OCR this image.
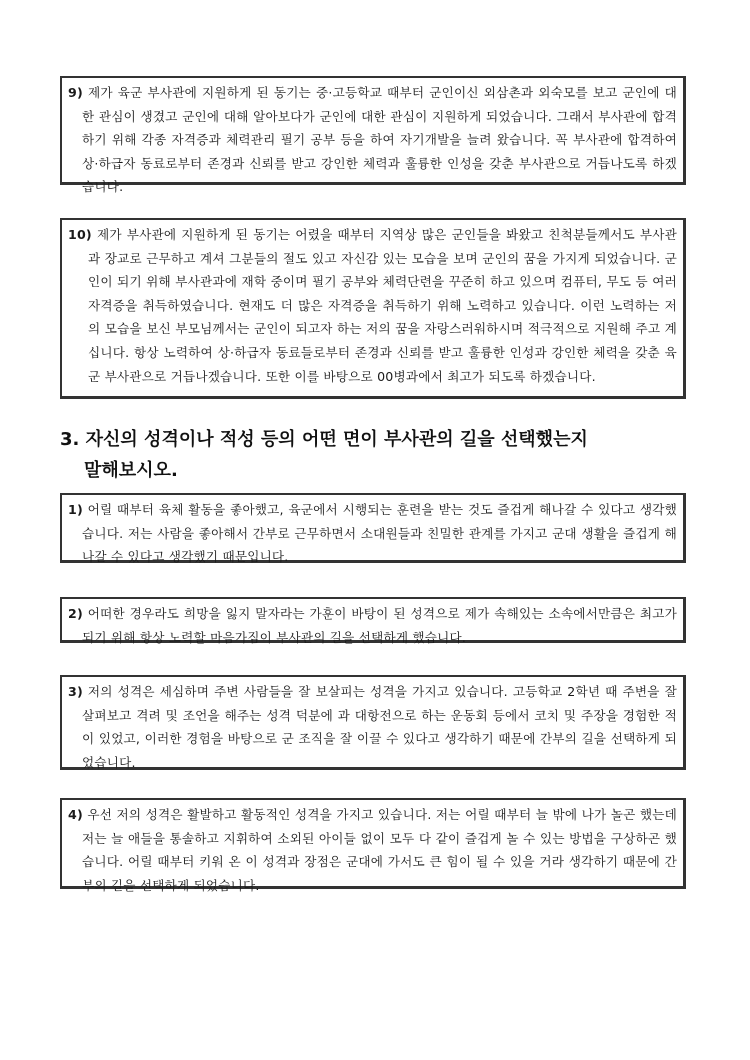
9) 제가 육군 부사관에 지원하게 된 동기는 중·고등학교 때부터 군인이신 외삼촌과 외숙모를 보고 군인에 대한 관심이 생겼고 군인에 대해 알아보다가 군인에 대한 관심이 지원하게 되었습니다. 그래서 부사관에 합격하기 위해 각종 자격증과 체력관리 필기 공부 등을 하여 자기개발을 늘려 왔습니다. 꼭 부사관에 합격하여 상·하급자 동료로부터 존경과 신뢰를 받고 강인한 체력과 훌륭한 인성을 갖춘 부사관으로 거듭나도록 하겠습니다.

10) 제가 부사관에 지원하게 된 동기는 어렸을 때부터 지역상 많은 군인들을 봐왔고 친척분들께서도 부사관과 장교로 근무하고 계셔 그분들의 절도 있고 자신감 있는 모습을 보며 군인의 꿈을 가지게 되었습니다. 군인이 되기 위해 부사관과에 재학 중이며 필기 공부와 체력단련을 꾸준히 하고 있으며 컴퓨터, 무도 등 여러 자격증을 취득하였습니다. 현재도 더 많은 자격증을 취득하기 위해 노력하고 있습니다. 이런 노력하는 저의 모습을 보신 부모님께서는 군인이 되고자 하는 저의 꿈을 자랑스러워하시며 적극적으로 지원해 주고 계십니다. 항상 노력하여 상·하급자 동료들로부터 존경과 신뢰를 받고 훌륭한 인성과 강인한 체력을 갖춘 육군 부사관으로 거듭나겠습니다. 또한 이를 바탕으로 00병과에서 최고가 되도록 하겠습니다.

3. 자신의 성격이나 적성 등의 어떤 면이 부사관의 길을 선택했는지
말해보시오.

1) 어릴 때부터 육체 활동을 좋아했고, 육군에서 시행되는 훈련을 받는 것도 즐겁게 해나갈 수 있다고 생각했습니다. 저는 사람을 좋아해서 간부로 근무하면서 소대원들과 친밀한 관계를 가지고 군대 생활을 즐겁게 해 나갈 수 있다고 생각했기 때문입니다.

2) 어떠한 경우라도 희망을 잃지 말자라는 가훈이 바탕이 된 성격으로 제가 속해있는 소속에서만큼은 최고가 되기 위해 항상 노력할 마음가짐이 부사관의 길을 선택하게 했습니다.

3) 저의 성격은 세심하며 주변 사람들을 잘 보살피는 성격을 가지고 있습니다. 고등학교 2학년 때 주변을 잘 살펴보고 격려 및 조언을 해주는 성격 덕분에 과 대항전으로 하는 운동회 등에서 코치 및 주장을 경험한 적이 있었고, 이러한 경험을 바탕으로 군 조직을 잘 이끌 수 있다고 생각하기 때문에 간부의 길을 선택하게 되었습니다.

4) 우선 저의 성격은 활발하고 활동적인 성격을 가지고 있습니다. 저는 어릴 때부터 늘 밖에 나가 놀곤 했는데 저는 늘 애들을 통솔하고 지휘하여 소외된 아이들 없이 모두 다 같이 즐겁게 놀 수 있는 방법을 구상하곤 했습니다. 어릴 때부터 키워 온 이 성격과 장점은 군대에 가서도 큰 힘이 될 수 있을 거라 생각하기 때문에 간부의 길을 선택하게 되었습니다.
